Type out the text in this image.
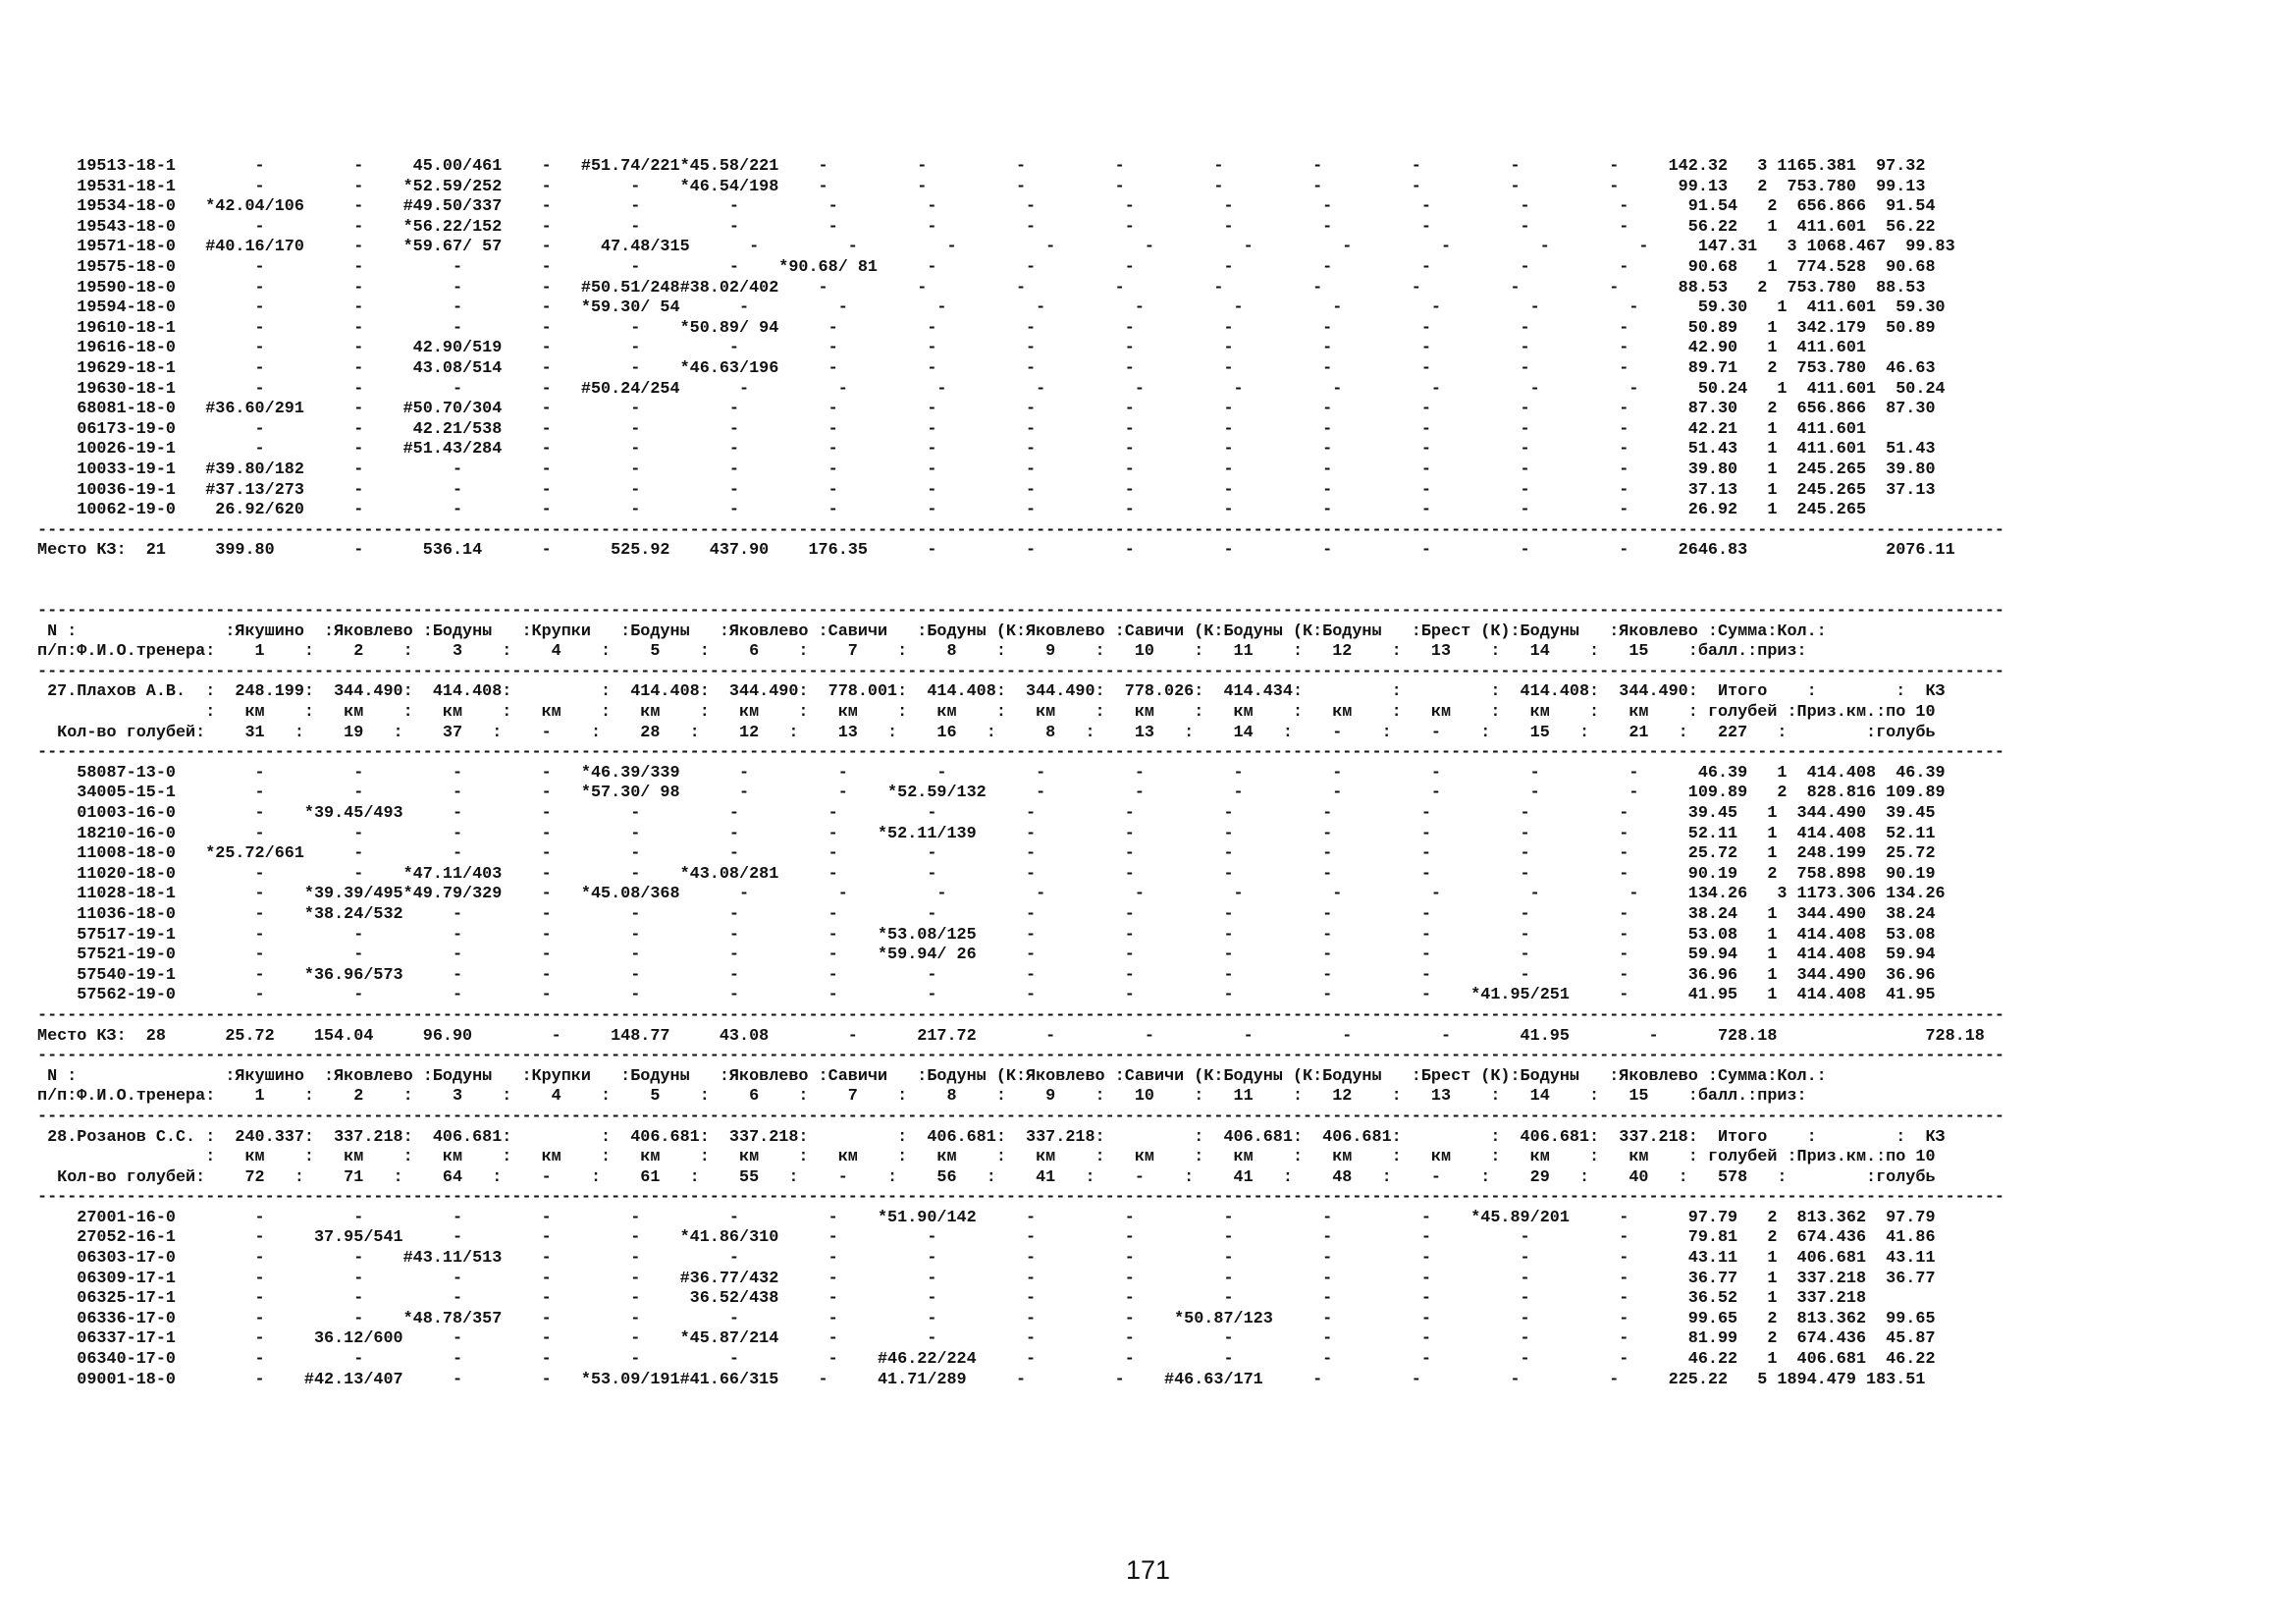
19513-18-1        -         -     45.00/461    -   #51.74/221*45.58/221    -         -         -         -         -         -         -         -         -     142.32   3 1165.381  97.32
19531-18-1        -         -    *52.59/252    -        -    *46.54/198    -         -         -         -         -         -         -         -         -      99.13   2  753.780  99.13
19534-18-0   *42.04/106     -    #49.50/337    -        -         -         -         -         -         -         -         -         -         -         -      91.54   2  656.866  91.54
19543-18-0        -         -    *56.22/152    -        -         -         -         -         -         -         -         -         -         -         -      56.22   1  411.601  56.22
19571-18-0   #40.16/170     -    *59.67/ 57    -     47.48/315      -         -         -         -         -         -         -         -         -         -     147.31   3 1068.467  99.83
19575-18-0        -         -         -        -        -         -    *90.68/ 81     -         -         -         -         -         -         -         -      90.68   1  774.528  90.68
19590-18-0        -         -         -        -   #50.51/248#38.02/402    -         -         -         -         -         -         -         -         -      88.53   2  753.780  88.53
19594-18-0        -         -         -        -   *59.30/ 54      -         -         -         -         -         -         -         -         -         -      59.30   1  411.601  59.30
19610-18-1        -         -         -        -        -    *50.89/ 94     -         -         -         -         -         -         -         -         -      50.89   1  342.179  50.89
19616-18-0        -         -     42.90/519    -        -         -         -         -         -         -         -         -         -         -         -      42.90   1  411.601
19629-18-1        -         -     43.08/514    -        -    *46.63/196     -         -         -         -         -         -         -         -         -      89.71   2  753.780  46.63
19630-18-1        -         -         -        -   #50.24/254      -         -         -         -         -         -         -         -         -         -      50.24   1  411.601  50.24
68081-18-0   #36.60/291     -    #50.70/304    -        -         -         -         -         -         -         -         -         -         -         -      87.30   2  656.866  87.30
06173-19-0        -         -     42.21/538    -        -         -         -         -         -         -         -         -         -         -         -      42.21   1  411.601
10026-19-1        -         -    #51.43/284    -        -         -         -         -         -         -         -         -         -         -         -      51.43   1  411.601  51.43
10033-19-1   #39.80/182     -         -        -        -         -         -         -         -         -         -         -         -         -         -      39.80   1  245.265  39.80
10036-19-1   #37.13/273     -         -        -        -         -         -         -         -         -         -         -         -         -         -      37.13   1  245.265  37.13
10062-19-0    26.92/620     -         -        -        -         -         -         -         -         -         -         -         -         -         -      26.92   1  245.265
-------------------------------------------------------------------------------------------------------------------------------------------------------------------------------------------------------
Место КЗ:  21     399.80        -      536.14      -      525.92    437.90    176.35      -         -         -         -         -         -         -         -     2646.83              2076.11
-------------------------------------------------------------------------------------------------------------------------------------------------------------------------------------------------------
N :               :Якушино  :Яковлево :Бодуны   :Крупки   :Бодуны   :Яковлево :Савичи   :Бодуны (К:Яковлево :Савичи (К:Бодуны (К:Бодуны   :Брест (К):Бодуны   :Яковлево :Сумма:Кол.:
п/п:Ф.И.О.тренера:    1    :    2    :    3    :    4    :    5    :    6    :    7    :    8    :    9    :   10    :   11    :   12    :   13    :   14    :   15    :балл.:приз:
-------------------------------------------------------------------------------------------------------------------------------------------------------------------------------------------------------
27.Плахов А.В.  :  248.199:  344.490:  414.408:         :  414.408:  344.490:  778.001:  414.408:  344.490:  778.026:  414.434:         :         :  414.408:  344.490:  Итого    :        :  КЗ
:   км    :   км    :   км    :   км    :   км    :   км    :   км    :   км    :   км    :   км    :   км    :   км    :   км    :   км    :   км    : голубей :Приз.км.:по 10
Кол-во голубей:    31   :    19   :    37   :    -    :    28   :    12   :    13   :    16   :     8   :    13   :    14   :    -    :    -    :    15   :    21   :   227   :        :голубь
-------------------------------------------------------------------------------------------------------------------------------------------------------------------------------------------------------
58087-13-0        -         -         -        -   *46.39/339      -         -         -         -         -         -         -         -         -         -      46.39   1  414.408  46.39
34005-15-1        -         -         -        -   *57.30/ 98      -         -    *52.59/132     -         -         -         -         -         -         -     109.89   2  828.816 109.89
01003-16-0        -    *39.45/493     -        -        -         -         -         -         -         -         -         -         -         -         -      39.45   1  344.490  39.45
18210-16-0        -         -         -        -        -         -         -    *52.11/139     -         -         -         -         -         -         -      52.11   1  414.408  52.11
11008-18-0   *25.72/661     -         -        -        -         -         -         -         -         -         -         -         -         -         -      25.72   1  248.199  25.72
11020-18-0        -         -    *47.11/403    -        -    *43.08/281     -         -         -         -         -         -         -         -         -      90.19   2  758.898  90.19
11028-18-1        -    *39.39/495*49.79/329    -   *45.08/368      -         -         -         -         -         -         -         -         -         -     134.26   3 1173.306 134.26
11036-18-0        -    *38.24/532     -        -        -         -         -         -         -         -         -         -         -         -         -      38.24   1  344.490  38.24
57517-19-1        -         -         -        -        -         -         -    *53.08/125     -         -         -         -         -         -         -      53.08   1  414.408  53.08
57521-19-0        -         -         -        -        -         -         -    *59.94/ 26     -         -         -         -         -         -         -      59.94   1  414.408  59.94
57540-19-1        -    *36.96/573     -        -        -         -         -         -         -         -         -         -         -         -         -      36.96   1  344.490  36.96
57562-19-0        -         -         -        -        -         -         -         -         -         -         -         -         -    *41.95/251     -      41.95   1  414.408  41.95
-------------------------------------------------------------------------------------------------------------------------------------------------------------------------------------------------------
Место КЗ:  28      25.72    154.04     96.90        -     148.77     43.08        -      217.72       -         -         -         -         -       41.95        -      728.18               728.18
-------------------------------------------------------------------------------------------------------------------------------------------------------------------------------------------------------
N :               :Якушино  :Яковлево :Бодуны   :Крупки   :Бодуны   :Яковлево :Савичи   :Бодуны (К:Яковлево :Савичи (К:Бодуны (К:Бодуны   :Брест (К):Бодуны   :Яковлево :Сумма:Кол.:
п/п:Ф.И.О.тренера:    1    :    2    :    3    :    4    :    5    :    6    :    7    :    8    :    9    :   10    :   11    :   12    :   13    :   14    :   15    :балл.:приз:
-------------------------------------------------------------------------------------------------------------------------------------------------------------------------------------------------------
28.Розанов С.С. :  240.337:  337.218:  406.681:         :  406.681:  337.218:         :  406.681:  337.218:         :  406.681:  406.681:         :  406.681:  337.218:  Итого    :        :  КЗ
:   км    :   км    :   км    :   км    :   км    :   км    :   км    :   км    :   км    :   км    :   км    :   км    :   км    :   км    :   км    : голубей :Приз.км.:по 10
Кол-во голубей:    72   :    71   :    64   :    -    :    61   :    55   :    -    :    56   :    41   :    -    :    41   :    48   :    -    :    29   :    40   :   578   :        :голубь
-------------------------------------------------------------------------------------------------------------------------------------------------------------------------------------------------------
27001-16-0        -         -         -        -        -         -         -    *51.90/142     -         -         -         -         -    *45.89/201     -      97.79   2  813.362  97.79
27052-16-1        -     37.95/541     -        -        -    *41.86/310     -         -         -         -         -         -         -         -         -      79.81   2  674.436  41.86
06303-17-0        -         -    #43.11/513    -        -         -         -         -         -         -         -         -         -         -         -      43.11   1  406.681  43.11
06309-17-1        -         -         -        -        -    #36.77/432     -         -         -         -         -         -         -         -         -      36.77   1  337.218  36.77
06325-17-1        -         -         -        -        -     36.52/438     -         -         -         -         -         -         -         -         -      36.52   1  337.218
06336-17-0        -         -    *48.78/357    -        -         -         -         -         -         -    *50.87/123     -         -         -         -      99.65   2  813.362  99.65
06337-17-1        -     36.12/600     -        -        -    *45.87/214     -         -         -         -         -         -         -         -         -      81.99   2  674.436  45.87
06340-17-0        -         -         -        -        -         -         -    #46.22/224     -         -         -         -         -         -         -      46.22   1  406.681  46.22
09001-18-0        -    #42.13/407     -        -   *53.09/191#41.66/315    -     41.71/289     -         -    #46.63/171     -         -         -         -     225.22   5 1894.479 183.51
171
